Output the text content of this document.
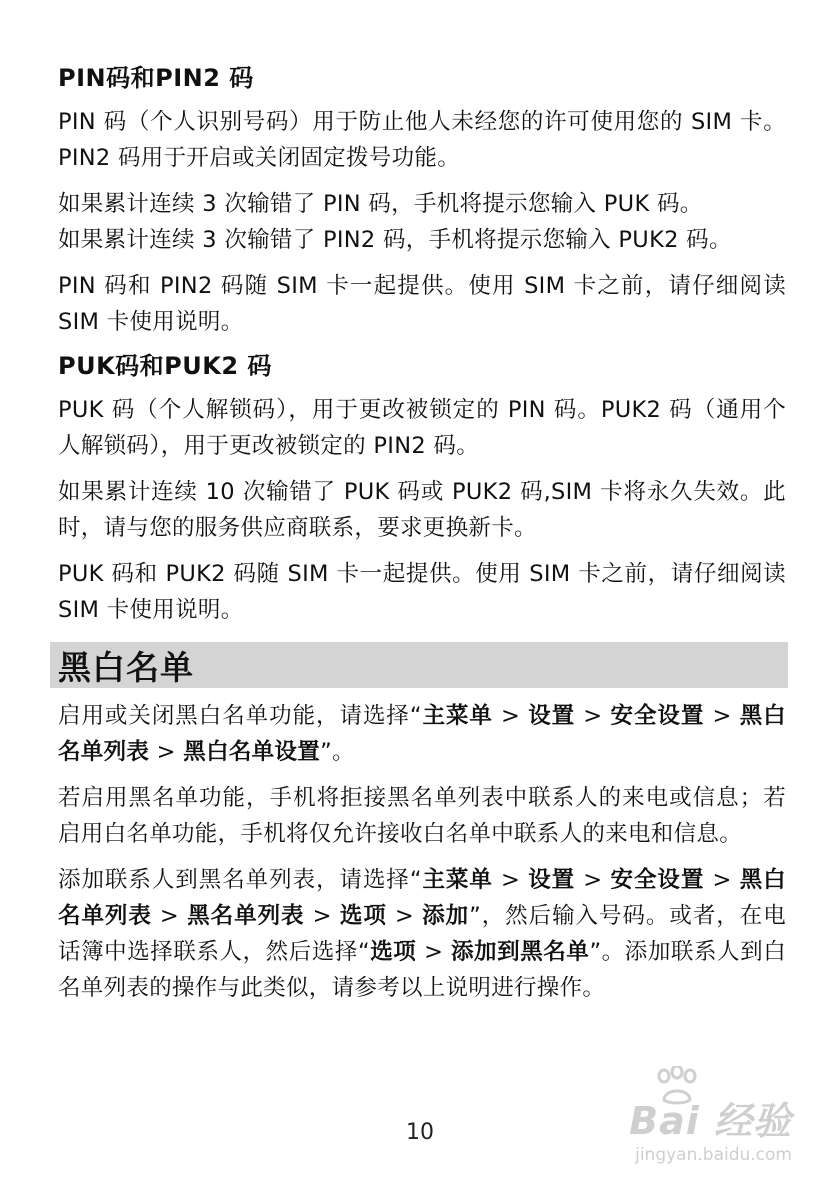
PIN码和PIN2 码

PIN 码（个人识别号码）用于防止他人未经您的许可使用您的 SIM 卡。PIN2 码用于开启或关闭固定拨号功能。

如果累计连续 3 次输错了 PIN 码，手机将提示您输入 PUK 码。

如果累计连续 3 次输错了 PIN2 码，手机将提示您输入 PUK2 码。

PIN 码和 PIN2 码随 SIM 卡一起提供。使用 SIM 卡之前，请仔细阅读 SIM 卡使用说明。

PUK码和PUK2 码

PUK 码（个人解锁码），用于更改被锁定的 PIN 码。PUK2 码（通用个人解锁码），用于更改被锁定的 PIN2 码。

如果累计连续 10 次输错了 PUK 码或 PUK2 码,SIM 卡将永久失效。此时，请与您的服务供应商联系，要求更换新卡。

PUK 码和 PUK2 码随 SIM 卡一起提供。使用 SIM 卡之前，请仔细阅读 SIM 卡使用说明。

黑白名单

启用或关闭黑白名单功能，请选择“主菜单 > 设置 > 安全设置 > 黑白名单列表 > 黑白名单设置”。

若启用黑名单功能，手机将拒接黑名单列表中联系人的来电或信息；若启用白名单功能，手机将仅允许接收白名单中联系人的来电和信息。

添加联系人到黑名单列表，请选择“主菜单 > 设置 > 安全设置 > 黑白名单列表 > 黑名单列表 > 选项 > 添加”，然后输入号码。或者，在电话簿中选择联系人，然后选择“选项 > 添加到黑名单”。添加联系人到白名单列表的操作与此类似，请参考以上说明进行操作。

10	Bai 经验
jingyan.baidu.com
